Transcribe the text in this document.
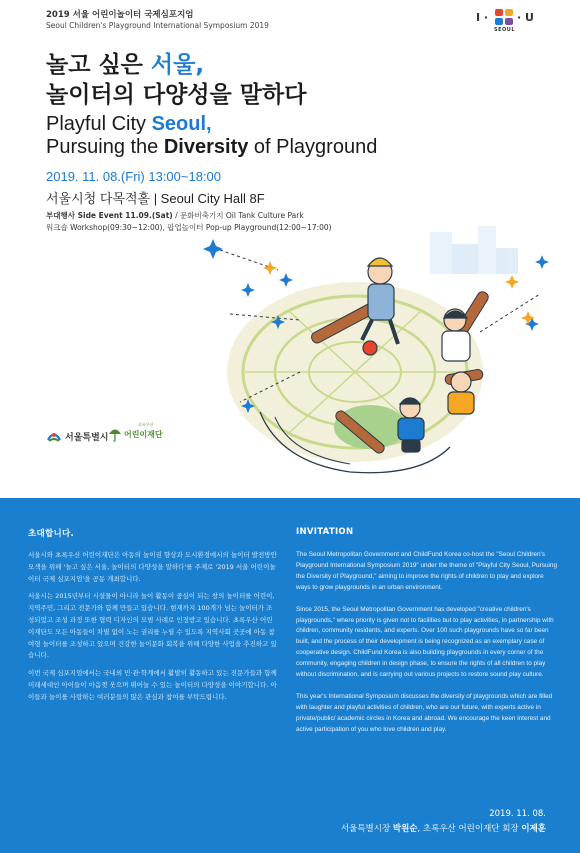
2019 서울 어린이놀이터 국제심포지엄
Seoul Children's Playground International Symposium 2019
I ·	· U
SEOUL
놀고 싶은 서울,
놀이터의 다양성을 말하다
Playful City Seoul,
Pursuing the Diversity of Playground
2019. 11. 08.(Fri) 13:00~18:00
서울시청 다목적홀 | Seoul City Hall 8F
부대행사 Side Event 11.09.(Sat) / 문화비축기지 Oil Tank Culture Park
워크숍 Workshop(09:30~12:00), 팝업놀이터 Pop-up Playground(12:00~17:00)
서울특별시
초록우산
어린이재단
초대합니다.

서울시와 초록우산 어린이재단은 아동의 놀이권 향상과 도시환경에서의 놀이터 발전방안 모색을 위해 '놀고 싶은 서울, 놀이터의 다양성을 말하다'를 주제로 '2019 서울 어린이놀이터 국제 심포지엄'을 공동 개최합니다.

서울시는 2015년부터 시설물이 아니라 놀이 활동이 중심이 되는 창의 놀이터를 어린이, 지역주민, 그리고 전문가와 함께 만들고 있습니다. 현재까지 100개가 넘는 놀이터가 조성되었고 조성 과정 또한 협력 디자인의 모범 사례로 인정받고 있습니다. 초록우산 어린이재단도 모든 아동들이 차별 없이 노는 권리를 누릴 수 있도록 지역사회 곳곳에 아동 참여형 놀이터를 조성하고 있으며 건강한 놀이문화 회복을 위해 다양한 사업을 추진하고 있습니다.

이번 국제 심포지엄에서는 국내외 민·관·학계에서 활발히 활동하고 있는 전문가들과 함께 미래세대인 아이들이 마음껏 웃으며 뛰어놀 수 있는 놀이터의 다양성을 이야기합니다. 아이들과 놀이를 사랑하는 여러분들의 많은 관심과 참여를 부탁드립니다.

INVITATION

The Seoul Metropolitan Government and ChildFund Korea co-host the "Seoul Children's Playground International Symposium 2019" under the theme of "Playful City Seoul, Pursuing the Diversity of Playground," aiming to improve the rights of children to play and explore ways to grow playgrounds in an urban environment.

Since 2015, the Seoul Metropolitan Government has developed "creative children's playgrounds," where priority is given not to facilities but to play activities, in partnership with children, community residents, and experts. Over 100 such playgrounds have so far been built, and the process of their development is being recognized as an exemplary case of cooperative design. ChildFund Korea is also building playgrounds in every corner of the community, engaging children in design phase, to ensure the rights of all children to play without discrimination, and is carrying out various projects to restore sound play culture.

This year's International Symposium discusses the diversity of playgrounds which are filled with laughter and playful activities of children, who are our future, with experts active in private/public/ academic circles in Korea and abroad. We encourage the keen interest and active participation of you who love children and play.

2019. 11. 08.
서울특별시장 박원순, 초록우산 어린이재단 회장 이제훈
